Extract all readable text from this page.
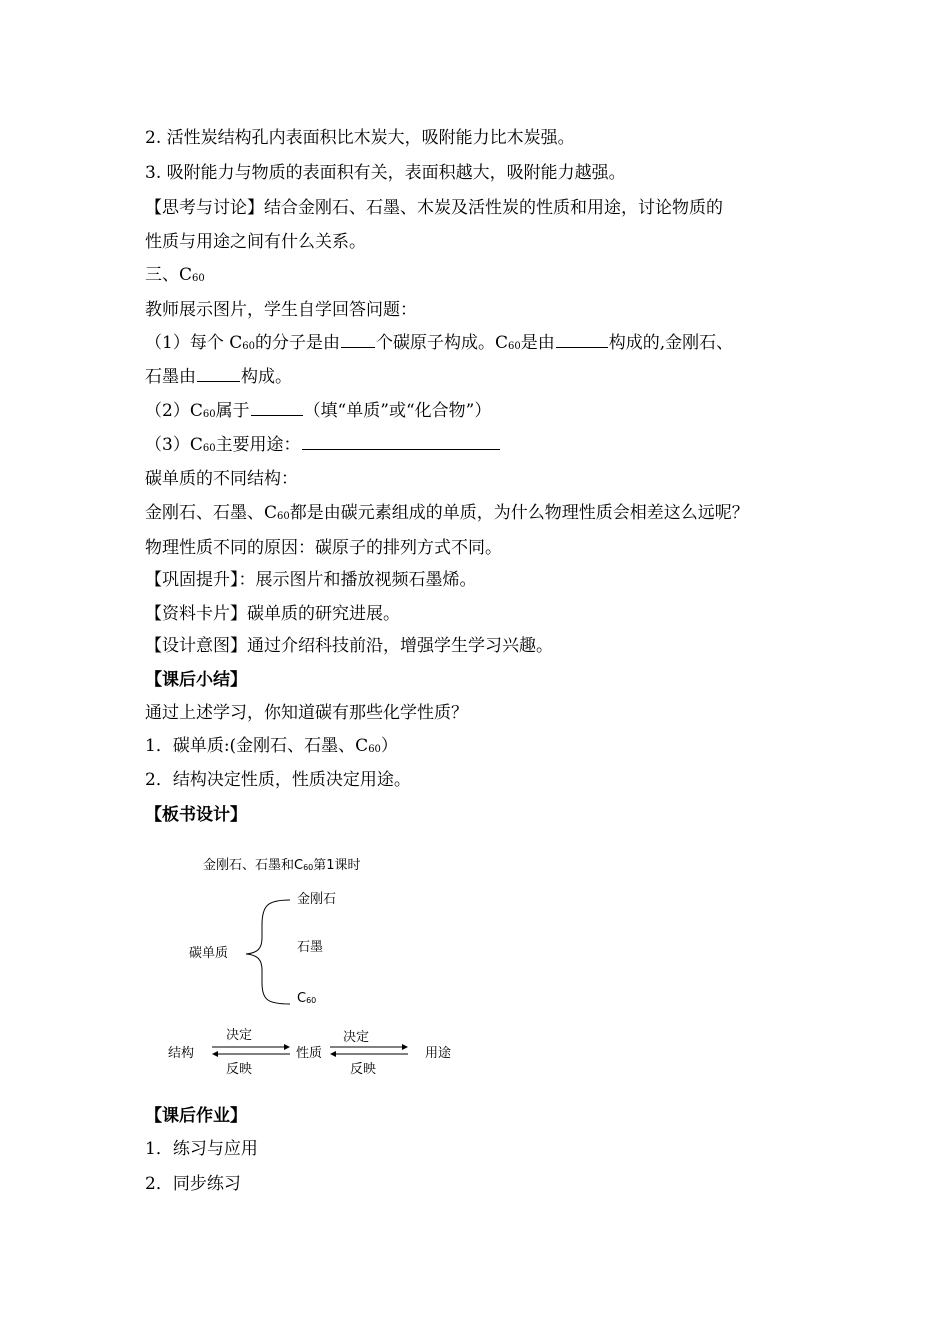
2. 活性炭结构孔内表面积比木炭大，吸附能力比木炭强。
3. 吸附能力与物质的表面积有关，表面积越大，吸附能力越强。
【思考与讨论】结合金刚石、石墨、木炭及活性炭的性质和用途，讨论物质的
性质与用途之间有什么关系。
三、$C_{60}$
教师展示图片，学生自学回答问题：
（1）每个 $C_{60}$的分子是由 个碳原子构成。$C_{60}$是由	构成的,金刚石、
石墨由	构成。
$(2)C_{60}$属于	（填“单质”或“化合物”）
$(3)C_{60}$主要用途：
碳单质的不同结构：
金刚石、石墨、$C_{60}$都是由碳元素组成的单质，为什么物理性质会相差这么远呢？
物理性质不同的原因：碳原子的排列方式不同。
【巩固提升】：展示图片和播放视频石墨烯。
【资料卡片】碳单质的研究进展。
【设计意图】通过介绍科技前沿，增强学生学习兴趣。
【课后小结】
通过上述学习，你知道碳有那些化学性质？
1．碳单质:(金刚石、石墨、$C_{60}$）
2．结构决定性质，性质决定用途。
【板书设计】
金刚石、石墨和$C_{60}$第1课时
金刚石
碳单质	石墨
$C_{60}$
决定
反映
结构	性质
决定
反映
用途
【课后作业】
1．练习与应用
2．同步练习
